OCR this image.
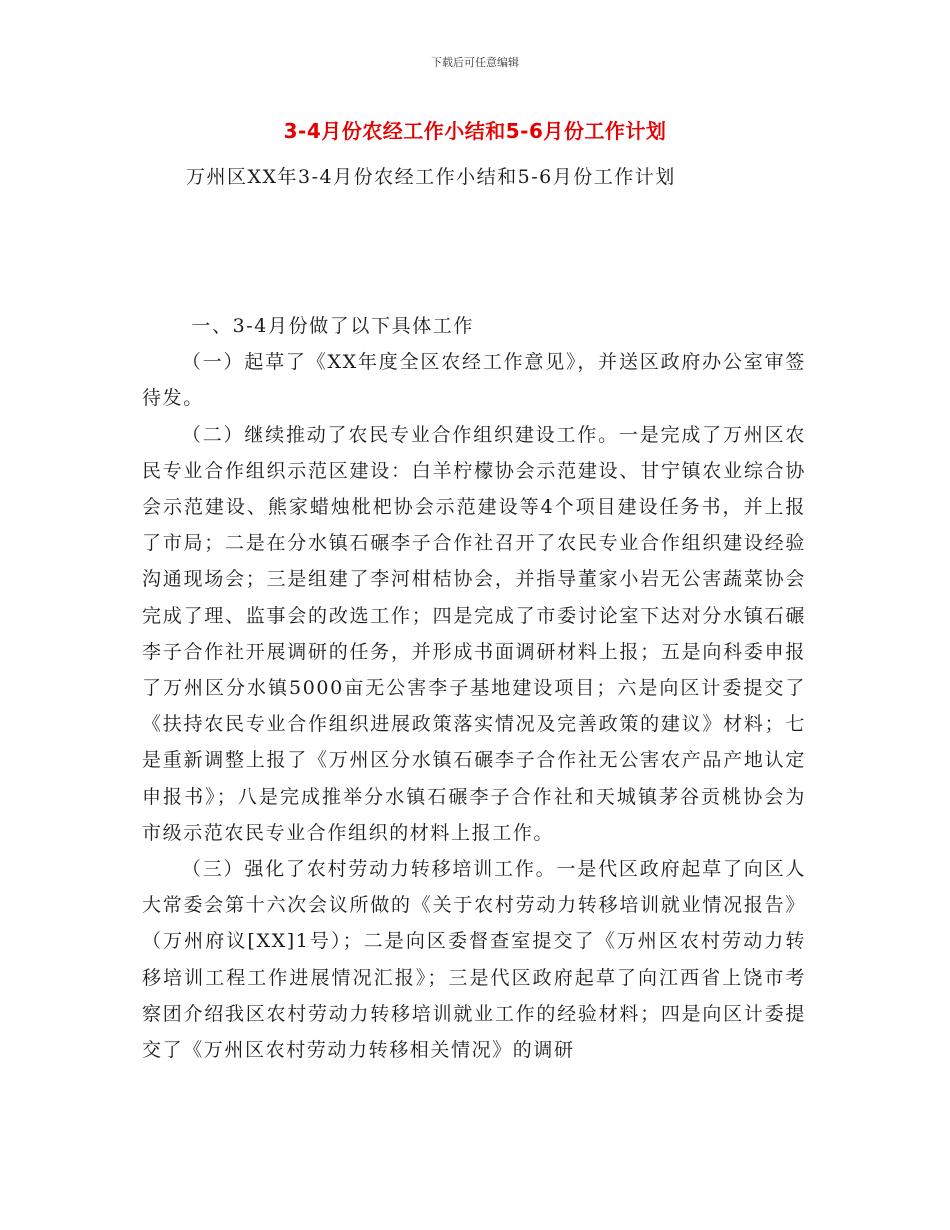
下载后可任意编辑
3-4月份农经工作小结和5-6月份工作计划
万州区XX年3-4月份农经工作小结和5-6月份工作计划

一、3-4月份做了以下具体工作

（一）起草了《XX年度全区农经工作意见》，并送区政府办公室审签待发。

（二）继续推动了农民专业合作组织建设工作。一是完成了万州区农民专业合作组织示范区建设：白羊柠檬协会示范建设、甘宁镇农业综合协会示范建设、熊家蜡烛枇杷协会示范建设等4个项目建设任务书，并上报了市局；二是在分水镇石碾李子合作社召开了农民专业合作组织建设经验沟通现场会；三是组建了李河柑桔协会，并指导董家小岩无公害蔬菜协会完成了理、监事会的改选工作；四是完成了市委讨论室下达对分水镇石碾李子合作社开展调研的任务，并形成书面调研材料上报；五是向科委申报了万州区分水镇5000亩无公害李子基地建设项目；六是向区计委提交了《扶持农民专业合作组织进展政策落实情况及完善政策的建议》材料；七是重新调整上报了《万州区分水镇石碾李子合作社无公害农产品产地认定申报书》；八是完成推举分水镇石碾李子合作社和天城镇茅谷贡桃协会为市级示范农民专业合作组织的材料上报工作。

（三）强化了农村劳动力转移培训工作。一是代区政府起草了向区人大常委会第十六次会议所做的《关于农村劳动力转移培训就业情况报告》（万州府议[XX]1号）；二是向区委督查室提交了《万州区农村劳动力转移培训工程工作进展情况汇报》；三是代区政府起草了向江西省上饶市考察团介绍我区农村劳动力转移培训就业工作的经验材料；四是向区计委提交了《万州区农村劳动力转移相关情况》的调研
